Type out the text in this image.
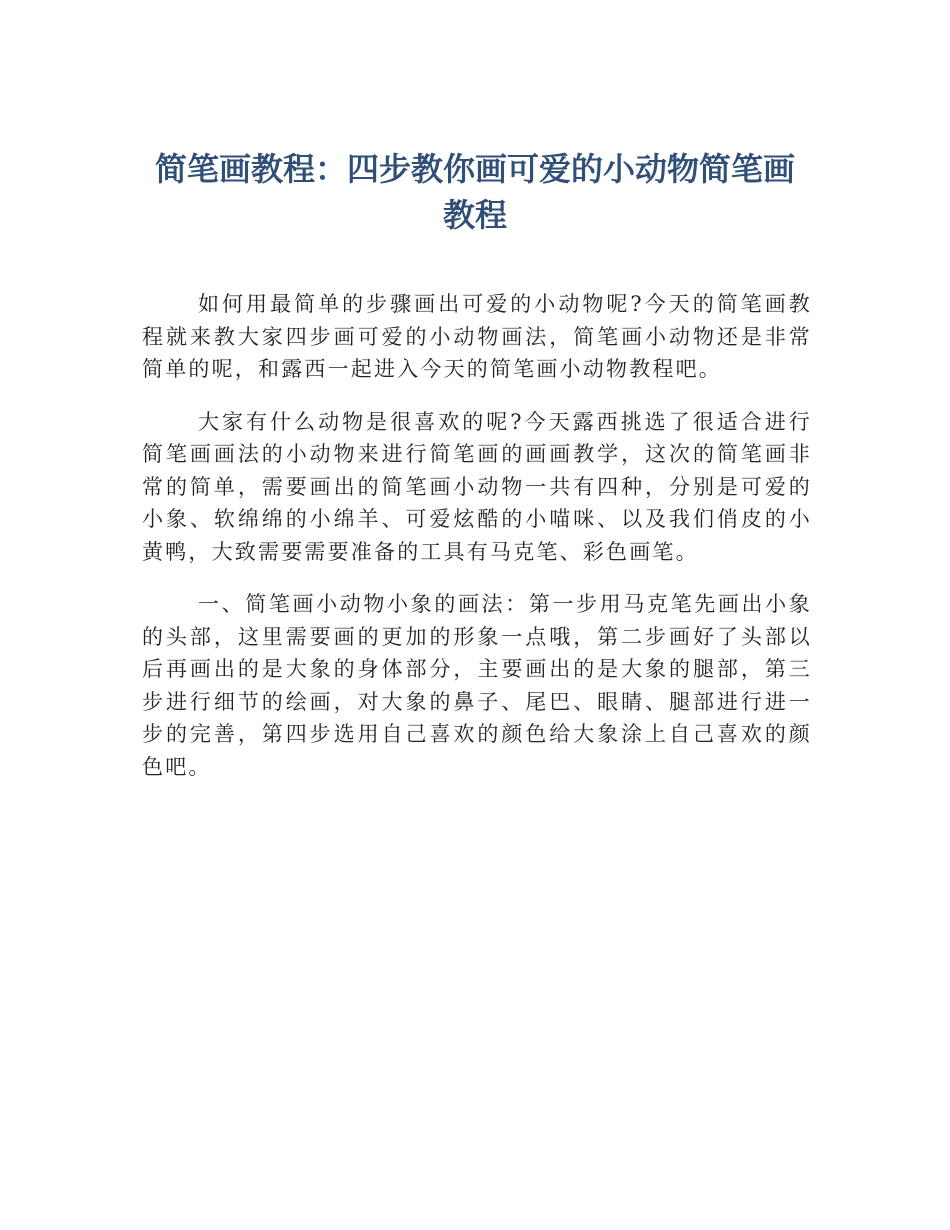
简笔画教程：四步教你画可爱的小动物简笔画教程

如何用最简单的步骤画出可爱的小动物呢?今天的简笔画教程就来教大家四步画可爱的小动物画法，简笔画小动物还是非常简单的呢，和露西一起进入今天的简笔画小动物教程吧。

大家有什么动物是很喜欢的呢?今天露西挑选了很适合进行简笔画画法的小动物来进行简笔画的画画教学，这次的简笔画非常的简单，需要画出的简笔画小动物一共有四种，分别是可爱的小象、软绵绵的小绵羊、可爱炫酷的小喵咪、以及我们俏皮的小黄鸭，大致需要需要准备的工具有马克笔、彩色画笔。

一、简笔画小动物小象的画法：第一步用马克笔先画出小象的头部，这里需要画的更加的形象一点哦，第二步画好了头部以后再画出的是大象的身体部分，主要画出的是大象的腿部，第三步进行细节的绘画，对大象的鼻子、尾巴、眼睛、腿部进行进一步的完善，第四步选用自己喜欢的颜色给大象涂上自己喜欢的颜色吧。
